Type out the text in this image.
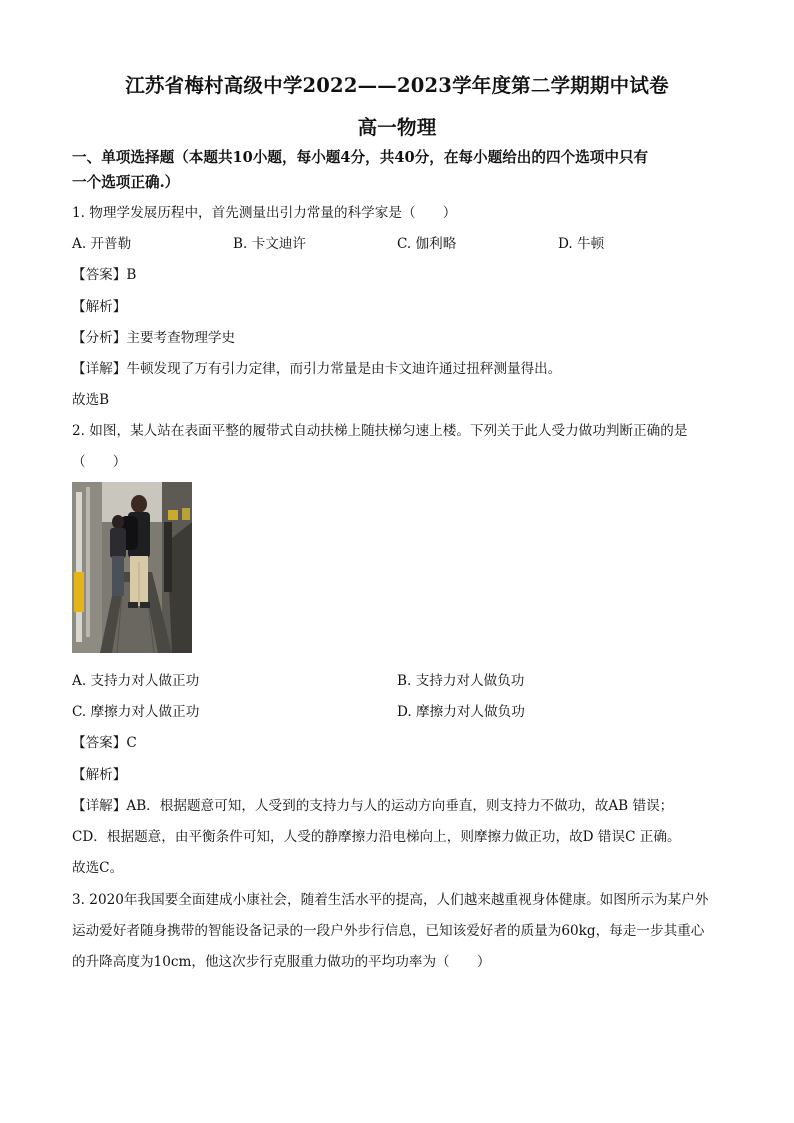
江苏省梅村高级中学2022——2023学年度第二学期期中试卷
高一物理
一、单项选择题（本题共10小题，每小题4分，共40分，在每小题给出的四个选项中只有
一个选项正确.）
1. 物理学发展历程中，首先测量出引力常量的科学家是（　　）
A. 开普勒	B. 卡文迪许	C. 伽利略	D. 牛顿
【答案】B
【解析】
【分析】主要考查物理学史
【详解】牛顿发现了万有引力定律，而引力常量是由卡文迪许通过扭秤测量得出。
故选B
2. 如图，某人站在表面平整的履带式自动扶梯上随扶梯匀速上楼。下列关于此人受力做功判断正确的是
（　　）
A. 支持力对人做正功	B. 支持力对人做负功
C. 摩擦力对人做正功	D. 摩擦力对人做负功
【答案】C
【解析】
【详解】AB．根据题意可知，人受到的支持力与人的运动方向垂直，则支持力不做功，故AB 错误；
CD．根据题意，由平衡条件可知，人受的静摩擦力沿电梯向上，则摩擦力做正功，故D 错误C 正确。
故选C。
3. 2020年我国要全面建成小康社会，随着生活水平的提高，人们越来越重视身体健康。如图所示为某户外
运动爱好者随身携带的智能设备记录的一段户外步行信息，已知该爱好者的质量为60kg，每走一步其重心
的升降高度为10cm，他这次步行克服重力做功的平均功率为（　　）
